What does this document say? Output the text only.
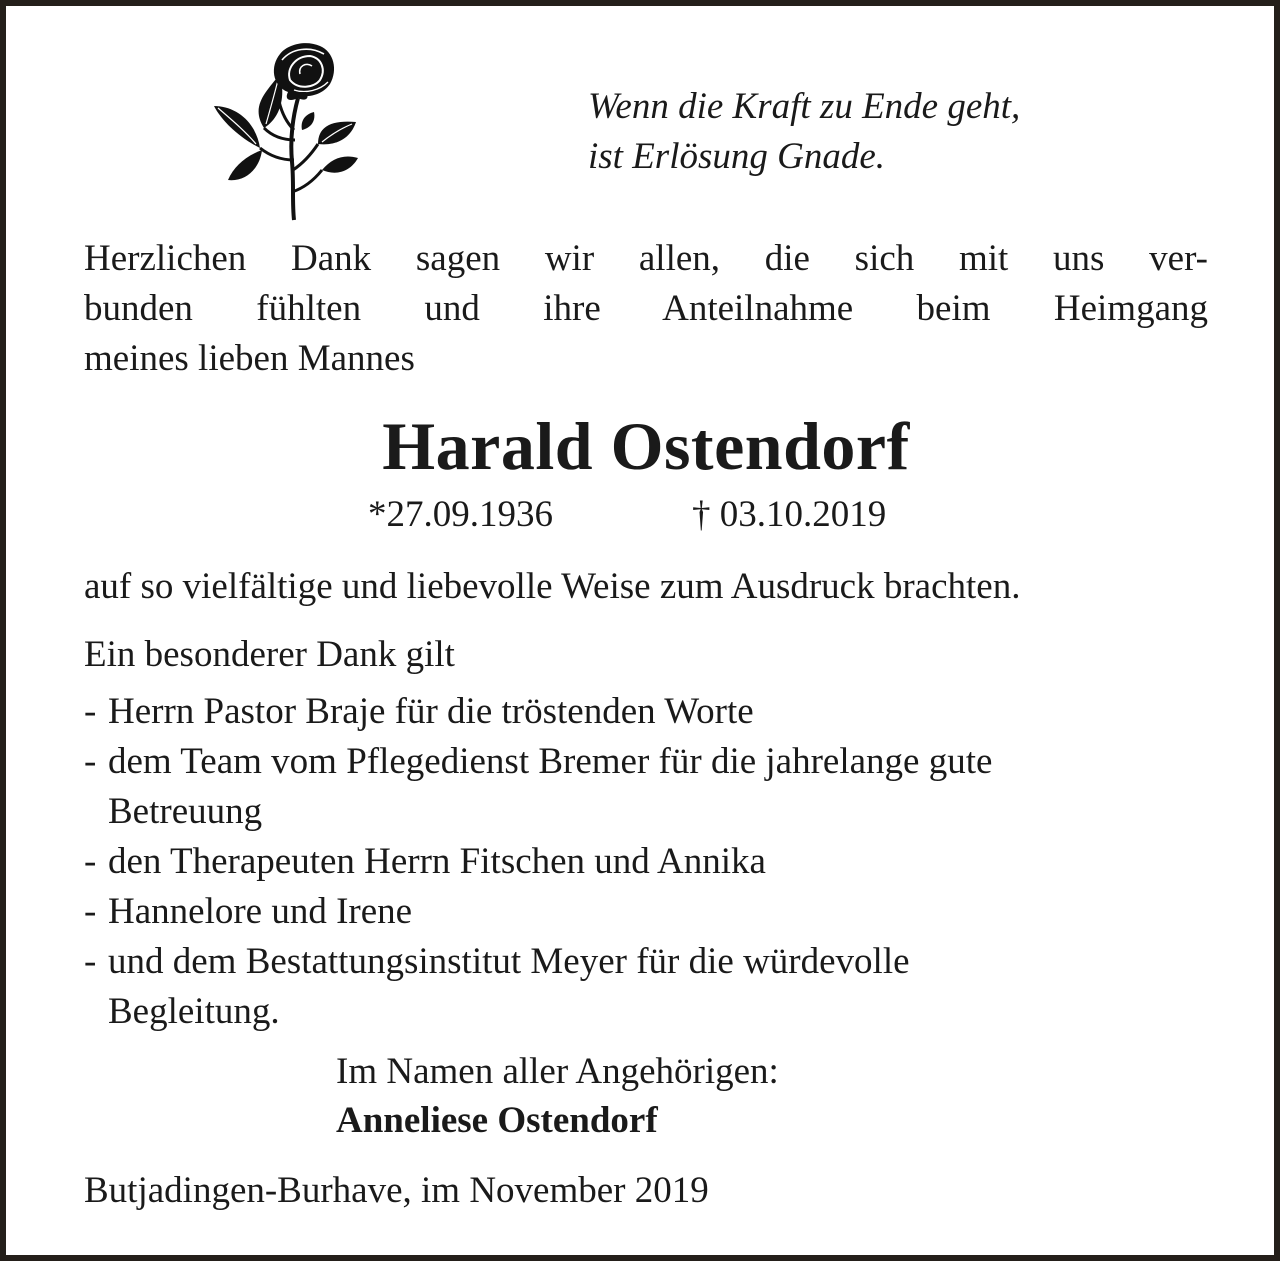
Wenn die Kraft zu Ende geht,
ist Erlösung Gnade.

Herzlichen Dank sagen wir allen, die sich mit uns ver-
bunden fühlten und ihre Anteilnahme beim Heimgang
meines lieben Mannes

Harald Ostendorf
*27.09.1936	† 03.10.2019

auf so vielfältige und liebevolle Weise zum Ausdruck brachten.

Ein besonderer Dank gilt

- Herrn Pastor Braje für die tröstenden Worte
- dem Team vom Pflegedienst Bremer für die jahrelange gute
Betreuung
- den Therapeuten Herrn Fitschen und Annika
- Hannelore und Irene
- und dem Bestattungsinstitut Meyer für die würdevolle
Begleitung.

Im Namen aller Angehörigen:

Anneliese Ostendorf

Butjadingen-Burhave, im November 2019
